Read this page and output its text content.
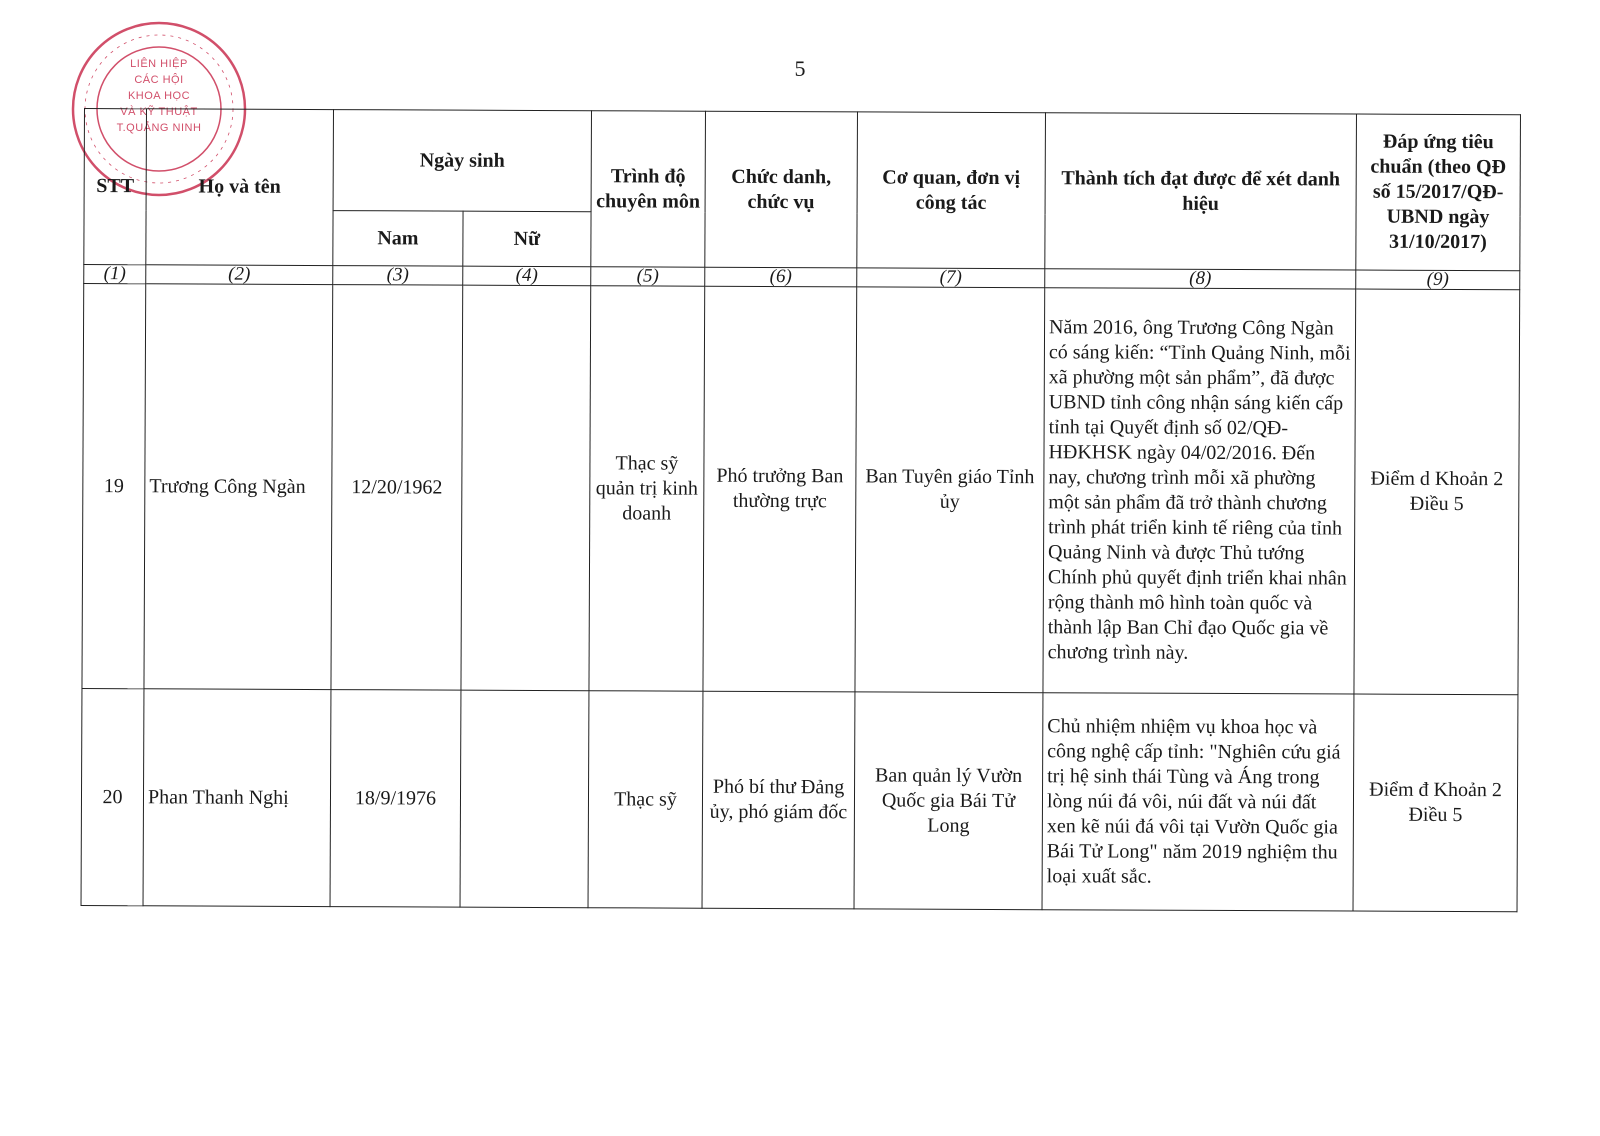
5
LIÊN HIỆP
CÁC HỘI
KHOA HỌC
VÀ KỸ THUẬT
T.QUẢNG NINH
STT	Họ và tên	Ngày sinh		Trình độ chuyên môn	Chức danh, chức vụ	Cơ quan, đơn vị công tác	Thành tích đạt được để xét danh hiệu	Đáp ứng tiêu chuẩn (theo QĐ số 15/2017/QĐ-UBND ngày 31/10/2017)
		Nam	Nữ					
(1)	(2)	(3)	(4)	(5)	(6)	(7)	(8)	(9)
19	Trương Công Ngàn	12/20/1962		Thạc sỹ quản trị kinh doanh	Phó trưởng Ban thường trực	Ban Tuyên giáo Tỉnh ủy	Năm 2016, ông Trương Công Ngàn có sáng kiến: “Tỉnh Quảng Ninh, mỗi xã phường một sản phẩm”, đã được UBND tỉnh công nhận sáng kiến cấp tỉnh tại Quyết định số 02/QĐ-HĐKHSK ngày 04/02/2016. Đến nay, chương trình mỗi xã phường một sản phẩm đã trở thành chương trình phát triển kinh tế riêng của tỉnh Quảng Ninh và được Thủ tướng Chính phủ quyết định triển khai nhân rộng thành mô hình toàn quốc và thành lập Ban Chỉ đạo Quốc gia về chương trình này.	Điểm d Khoản 2 Điều 5
20	Phan Thanh Nghị	18/9/1976		Thạc sỹ	Phó bí thư Đảng ủy, phó giám đốc	Ban quản lý Vườn Quốc gia Bái Tử Long	Chủ nhiệm nhiệm vụ khoa học và công nghệ cấp tỉnh: "Nghiên cứu giá trị hệ sinh thái Tùng và Áng trong lòng núi đá vôi, núi đất và núi đất xen kẽ núi đá vôi tại Vườn Quốc gia Bái Tử Long" năm 2019 nghiệm thu loại xuất sắc.	Điểm đ Khoản 2 Điều 5
